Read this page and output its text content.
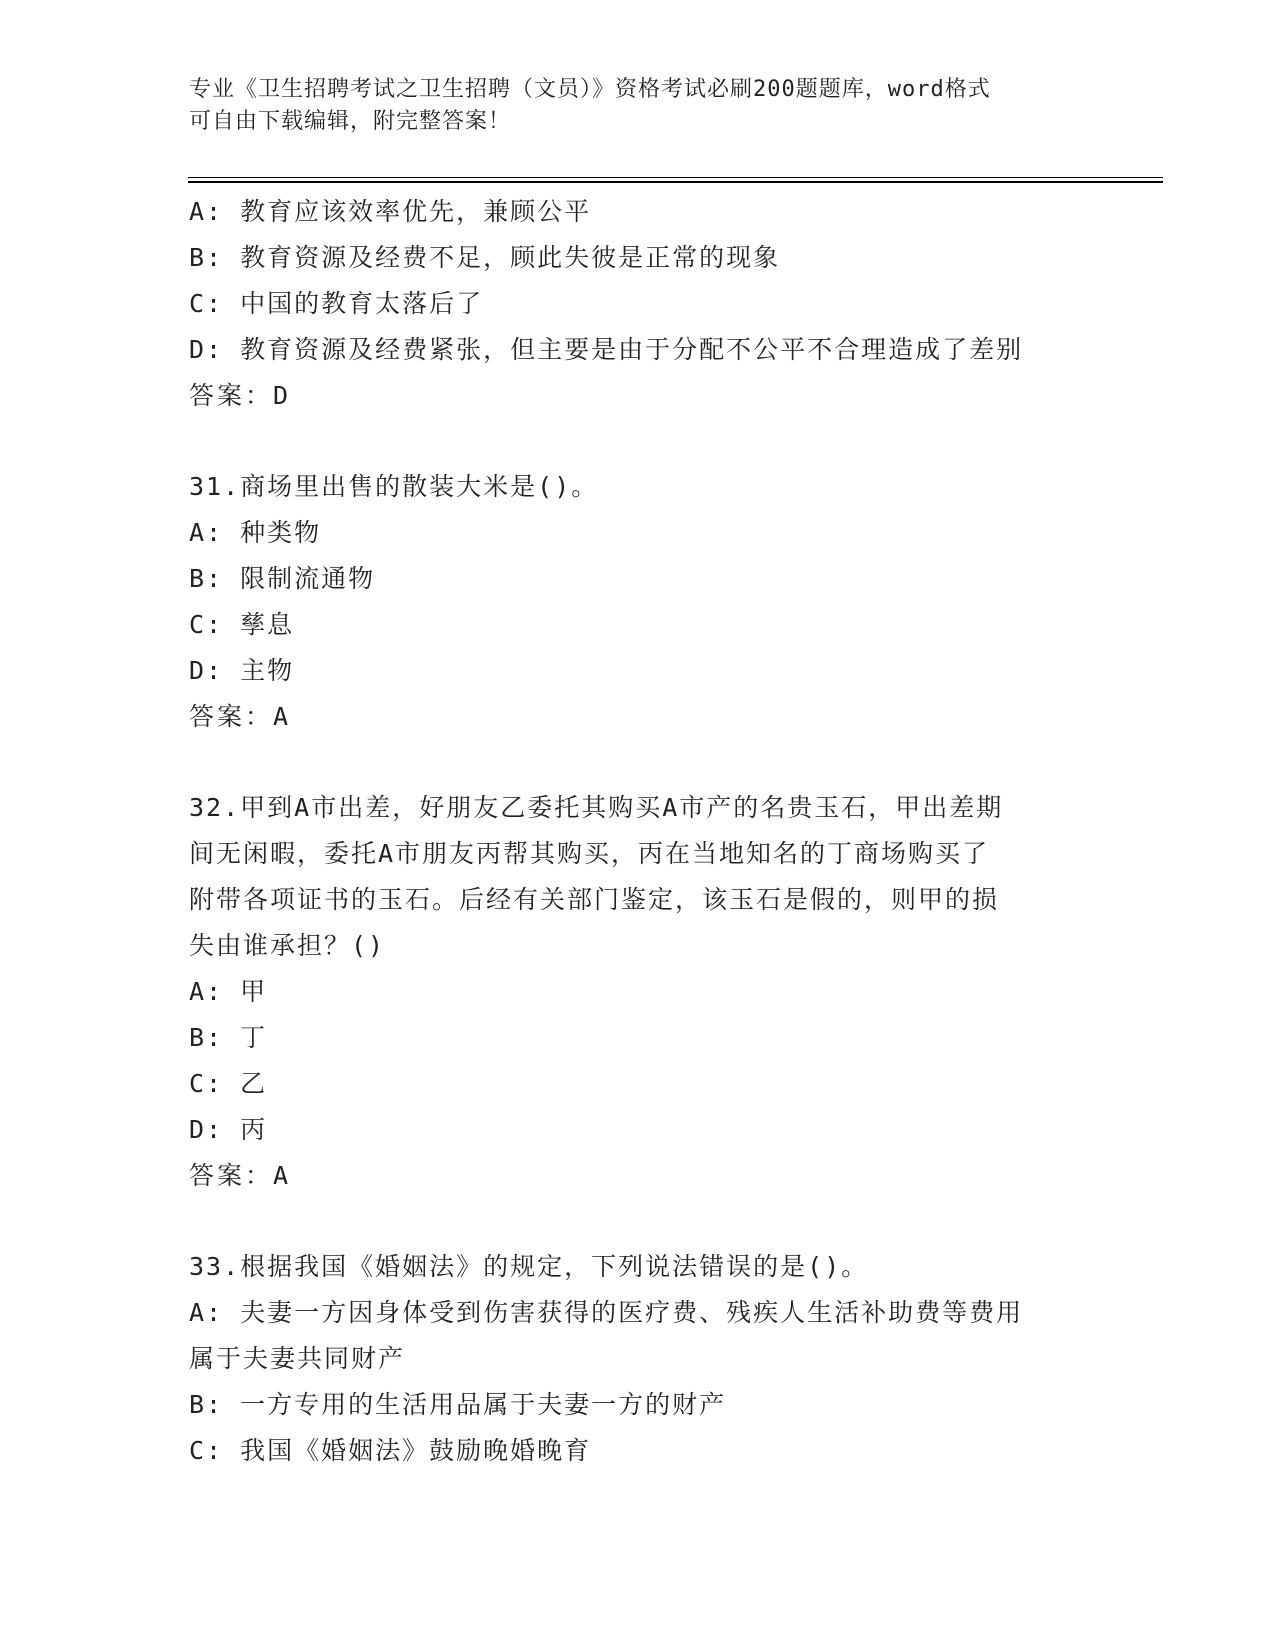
专业《卫生招聘考试之卫生招聘（文员）》资格考试必刷200题题库，word格式
可自由下载编辑，附完整答案！
A: 教育应该效率优先，兼顾公平
B: 教育资源及经费不足，顾此失彼是正常的现象
C: 中国的教育太落后了
D: 教育资源及经费紧张，但主要是由于分配不公平不合理造成了差别
答案：D
31.商场里出售的散装大米是()。
A: 种类物
B: 限制流通物
C: 孳息
D: 主物
答案：A
32.甲到A市出差，好朋友乙委托其购买A市产的名贵玉石，甲出差期
间无闲暇，委托A市朋友丙帮其购买，丙在当地知名的丁商场购买了
附带各项证书的玉石。后经有关部门鉴定，该玉石是假的，则甲的损
失由谁承担？()
A: 甲
B: 丁
C: 乙
D: 丙
答案：A
33.根据我国《婚姻法》的规定，下列说法错误的是()。
A: 夫妻一方因身体受到伤害获得的医疗费、残疾人生活补助费等费用
属于夫妻共同财产
B: 一方专用的生活用品属于夫妻一方的财产
C: 我国《婚姻法》鼓励晚婚晚育
